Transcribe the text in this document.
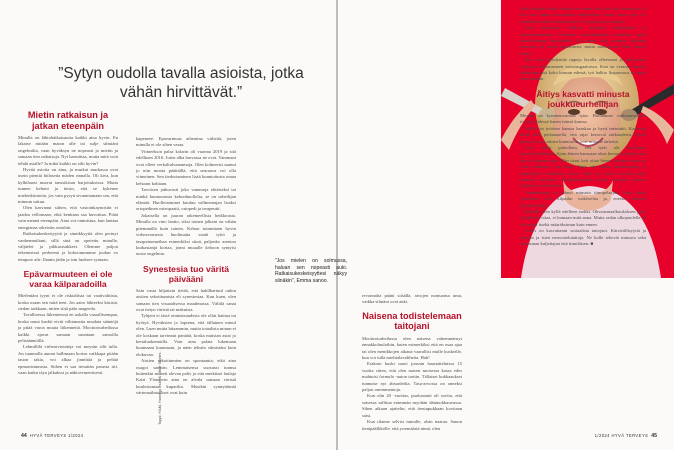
”Sytyn oudolla tavalla asioista, jotka vähän hirvittävät.”
Mietin ratkaisun ja jatkan eteenpäin

Minulla on lähtohäikaisuutta kaikki aina hyvin. En lakaise mitään maton alle tai sulje silmiäni ongelmilta, vaan hyväksyn ne nopeasti ja mietin ja samaan tien ratkaisuja. Nyt harmittaa, mutta mitä voin tehdä asialle? Ja mikä kaikki on silti hyvin?

Hyvää asioita on aina, ja murkat murkassa ovat usein pientiä hiilaseita mäden rinnalla. Oli kiva, kun kylkihaasi murrut tanssikisan harjoituksissa. Mutta tunnen kehoni ja tiesin, että se kykenee mielenkiintoiin, jos vain pysyn sivuuntamaan sen, että minuun sattuu.

Olen kasvanut siihen, että vastoinkaymisiin ei jaadaa vellomaan, eikä kenkaan saa huvoittaa. Pitää vain mennä eteenpäin. Aina voi ontmistua, kun lanttaa energiansa oikeisiin asioihin.

Ratkaisukeskeisyyttä ja sinnikkyyttä olen perinyt vanhemmiltani, sillä sinä on opetettu minulle, väljäelet ja pikkusisukkeet. Olemme paljon tekemisissä perheenä ja kokoonnumme joulun ex tempore aftr: Ihanin jädin ja isin luoksee syntaan.

Epävarmuuteen ei ole varaa kälparadoilla

Mieleniäni tyyni ei ole riskialtista tai vaativalttisia, koska osaan sen mitä teen. Jos aairo lähteeksi käsistä, riedan tarkkaan, miten siitä pääs mageeda.

Tavallisessa liikenteessä en uskalla vaarallisempaa, koska muut kuskit eivät välttamatta noudata sääntöjä ja pitää varoa muuta liikennettä. Moottoriurheilussa kaikki ajavat samaan suuntaan samoilla pelisäännöillä.

Lehmillilä virhearviointeja voi meyrän silti tulla. Jos tuunnolla aunon hallimaan horisu vaikkapa pitään tauon takia, voi alkaa jinnittää ja peltää epmonistumista. Siihen ei saa tiesattän parasta irti, vaan kaikn täya jalkakssi ja näktovrmentisesti.

kapeneee. Epavarmuus aiheuttaa virheitä, joten minulla ei ole sihen varaa.

Viimeeksin palsa kolarin oli vuonna 2019 ja sitä edellinen 2016. Joten alka harvassa ne ovat. Vammani ovat olleet verkaltulvaammoja. Olen kolmeesti saanut jo niin monta päättäillä, että seuraava voi olla viimeinen. Sen tiedostaminen lisää kunnioitusta omaa kehoani kohtaan.

Tarvitsen jatkuvasti joko vammoja ehtäiseksi tai minkä kunnoutusta kehonhuollolta, se on urheilijan elämää. Huolloistminei kuuluu vallmentajan lisaksi ortopedinen osteopaatti, ortopedi ja terapeutti.

Jokaisella on juuran rakemeellisia heikkousia. Minulla on vino lantio, siksi toinen jalkani on vähän pitemmällä kuin toinen. Kehon toimintaen hyvin virheavomesta huolimatta vaatii tyttö ja tasapainomeihaa esimerkiksi siinä, paljonko asentoa kurkastanjä kortaa, jonni muualle kehoon syntyisi uusia ongelmia.

Synestesia tuo väritä päivääni

Sain vasta hiljattain tietää, että hakllharinnl onkin aistien sekoittumista eli synestesiaa. Kun kuen, olen samaan tien visuaalisessa maailmassa. Vältilä sanat ovat tietyn väristä tai makuisia.

Tyhjeni ei tästä ominaisuudesta ole ollut haittaa tai hyötyä. Hyväksien jo lapsena, että tällainen minul olen. Luen muita hitaammin, mutta totaalista minun ei ole koskaan tarvinnut päntätä, koska muistan asiat jo kertaluokemuilla. Voin aina palata lukemaan kuumaani kuumaani, ja näen tekstin silmistäni kuin elokuvan.

Aistien sekoittumien on spontaania, eikä aina osagoi samoin. Lemmaisensa suosussi tunnsa kuitenkin moneti olevan paliv ja että merkitsei laulaja Katri Ylanderin aina on alvala samaan väristä kuulostamaa kuparilta. Musikin synnyttämät värimaailmaukset ovat kuin

44 HYVÄ TERVEYS 1/2024
”Jos mielen on solmussa, haluan sen nopeasti auki. Ratkaisukeskeisyyttesi näkyy siinäkin”, Emma sanoo.

revonnalta pääni siisällä, aivojen nontuansa uma, vaikka silmäni ovat auki.

Naisena todistelemaan taitojani

Moottoriurheilussa olen naisena vahemmänsyt ennakkoluuloihin, kuten esimerkiksi että en osaa ajaa tai olen menikkojen aikana vaarallisi mulle kuskeille, kun voi tulla mielitalavaltheita. Hah!

Erakoin kuski saaoi jonsain haastatteluissa 15 vuotta sitten, että olen naisen moisessa kassa edes mahtuisi formula -auton tarttin. Tällaiset kukkaaukset tunnutse nyt absurdeilta. Tasa-arvossa on onneksi paljon onninmentoja.

Kun olin 20 -vuotias, puolustanti oli sovitu, että saisessa sallitua enimmän myohän däinnokkauvussa. Sihen aikaan ajattelin, että tieniupukkaan kovitaan saisi.

Kun tilanne selvisi minulle, alsin naaraa. Sanon tienipäällikölle, että yrremäärtä nimä. olen

koko elämäni tehnyt duunia sen eteen, että olen yksi huumissa. Ja että olin saanut arvostuksen kuljettajana, koska osaan ajaa. En todellakaan lähtisi alanmukseen. Se sopimus jäi saamatta.

Olen tyytääsissa edelleen tyyttämä urheilultalen ja ammattimäiminen. Kokemus tanssilulpallista kuitenkin opetti naisellisempaa kehonkieltä. En ennen ollut osannut vaikkapa poseerata tai seistä naisellisesti, mutta tanssiparini Matti neuvoi minua.

Nyt osaan hyodyntää oppeja lavalla olleessani ja puhuessani varmaan vaikutusmeen taivutusgaaloissa. Kun on verannt rumbaa pikkuhopeassä koko kansan edessä, työ halkio lkapuvussa ei tunnu ensin mitään.

Äitiys kasvatti minusta joukkueurheilijan

Minulla on kymmenvuotias tytär. Hoidamme vanhemmuuden tiiviisti yhdessä hanen isänsä kanssa.

Meillä on tyttären kanssa haaskaa ja hyvä meininki. Kasvatan häntä villä perlaanaella, että rajat kerrovat rakkaudesta. Hyvät käytostavat ja niinen kunnioitus ovat minulle tärkeitä.

Olen vältin pahoillani, etei tytär ole innostunut moottoriurheilusta. Ajom hänen kanssaan okaa kertaa kartingia, kun hän oli kuusivuotias. Hän osasi heti ottaa hienot ajolinjat mutta ei vielä tehtemeet ajaa kuja. Tytör ole minua harkinvaimpi ja luptoitieleie voltistokin osissa. Mitä jos tytärtä tarvitsee pitää ihmisten sellaiseen. Rimgentkovlaari lyytyy varmaan Suomen jokainesta vahvaalasta.

Vanhemmuus on tehnyt minusta tiimipelaajan. Vasta äitinä ymmärsin, että kilpailut tuskiwelaa ja, eneeka olekaan yksilöurheilija.

Radialla olen kyllä edelleen tsekki. Ohvausmaalkuokoksen pitää ritylkkeisti ottaa, et kumaan mitä anna. Mutta radan ulkopuolella en ole enekä itsekä määräksimun kuin ennen.

Aitiys on kasvattanut sosiaalisia taitojani. Kärsivällisyyttä ja tietojen ja isien neuvottelutaitoja. Ne kulkt tekevät minusta sekä paremman kuljettajan että tiimiläisen. ■

1/2024 HYVÄ TERVEYS 45
Tuppi: H&M, Hame ja mulo & Other Stories.
